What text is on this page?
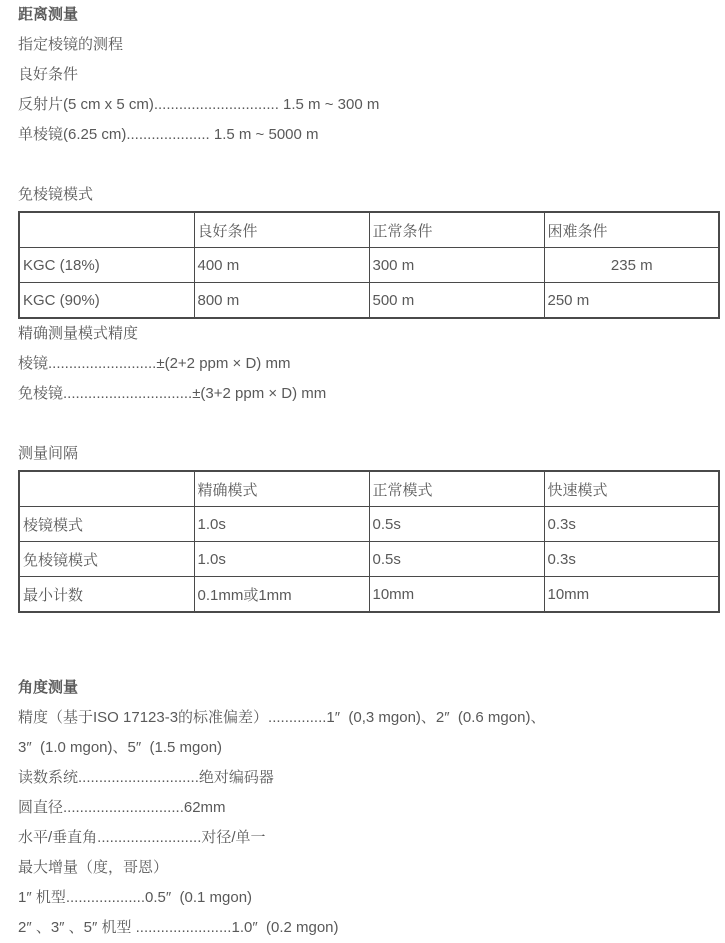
距离测量

指定棱镜的测程

良好条件

反射片(5 cm x 5 cm).............................. 1.5 m ~ 300 m

单棱镜(6.25 cm).................... 1.5 m ~ 5000 m

免棱镜模式

	良好条件	正常条件	困难条件
KGC (18%)	400 m	300 m	235 m
KGC (90%)	800 m	500 m	250 m

精确测量模式精度

棱镜..........................±(2+2 ppm × D) mm

免棱镜...............................±(3+2 ppm × D) mm

测量间隔

	精确模式	正常模式	快速模式
棱镜模式	1.0s	0.5s	0.3s
免棱镜模式	1.0s	0.5s	0.3s
最小计数	0.1mm或1mm	10mm	10mm

角度测量

精度（基于ISO 17123-3的标准偏差）..............1″  (0,3 mgon)、2″  (0.6 mgon)、

3″  (1.0 mgon)、5″  (1.5 mgon)

读数系统.............................绝对编码器

圆直径.............................62mm

水平/垂直角.........................对径/单一

最大增量（度，哥恩）

1″ 机型...................0.5″  (0.1 mgon)

2″ 、3″ 、5″ 机型 .......................1.0″  (0.2 mgon)
